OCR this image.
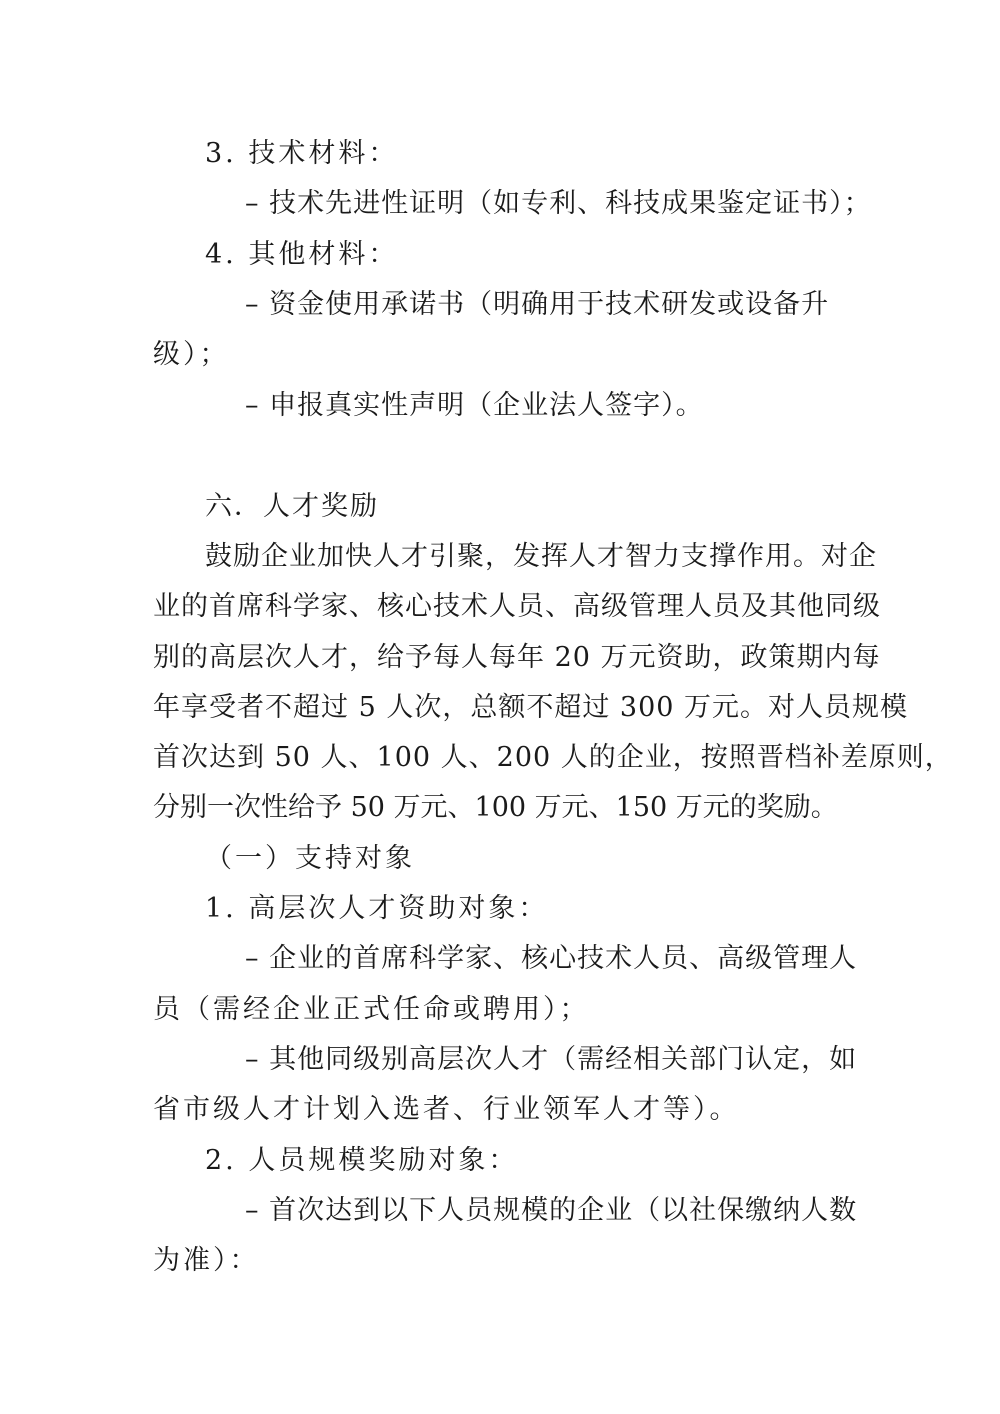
3. 技术材料：
– 技术先进性证明（如专利、科技成果鉴定证书）；
4. 其他材料：
– 资金使用承诺书（明确用于技术研发或设备升
级）；
– 申报真实性声明（企业法人签字）。
六．人才奖励
鼓励企业加快人才引聚，发挥人才智力支撑作用。对企
业的首席科学家、核心技术人员、高级管理人员及其他同级
别的高层次人才，给予每人每年 20 万元资助，政策期内每
年享受者不超过 5 人次，总额不超过 300 万元。对人员规模
首次达到 50 人、100 人、200 人的企业，按照晋档补差原则，
分别一次性给予 50 万元、100 万元、150 万元的奖励。
（一）支持对象
1. 高层次人才资助对象：
– 企业的首席科学家、核心技术人员、高级管理人
员（需经企业正式任命或聘用）；
– 其他同级别高层次人才（需经相关部门认定，如
省市级人才计划入选者、行业领军人才等）。
2. 人员规模奖励对象：
– 首次达到以下人员规模的企业（以社保缴纳人数
为准）：
